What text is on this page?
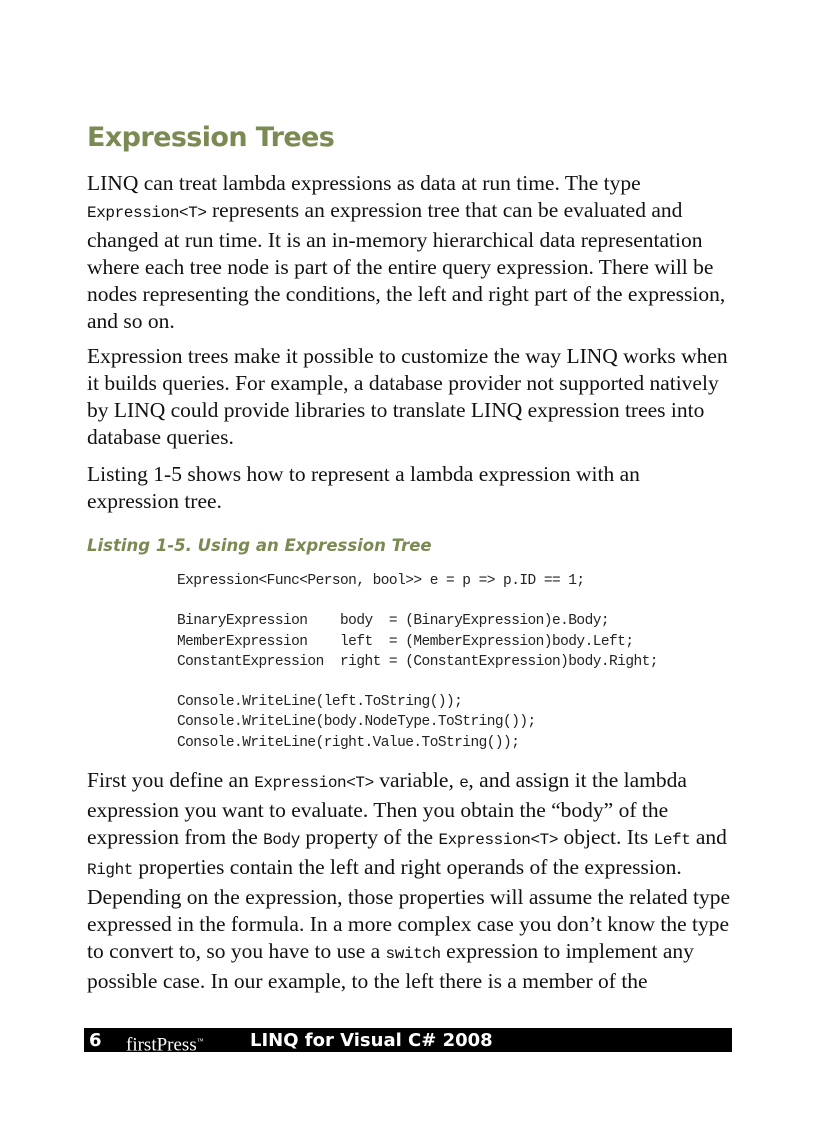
Expression Trees

LINQ can treat lambda expressions as data at run time. The type Expression<T> represents an expression tree that can be evaluated and changed at run time. It is an in-memory hierarchical data representation where each tree node is part of the entire query expression. There will be nodes representing the conditions, the left and right part of the expression, and so on.

Expression trees make it possible to customize the way LINQ works when it builds queries. For example, a database provider not supported natively by LINQ could provide libraries to translate LINQ expression trees into database queries.

Listing 1-5 shows how to represent a lambda expression with an expression tree.

Listing 1-5. Using an Expression Tree
Expression<Func<Person, bool>> e = p => p.ID == 1;

BinaryExpression    body  = (BinaryExpression)e.Body;
MemberExpression    left  = (MemberExpression)body.Left;
ConstantExpression  right = (ConstantExpression)body.Right;

Console.WriteLine(left.ToString());
Console.WriteLine(body.NodeType.ToString());
Console.WriteLine(right.Value.ToString());

First you define an Expression<T> variable, e, and assign it the lambda expression you want to evaluate. Then you obtain the “body” of the expression from the Body property of the Expression<T> object. Its Left and Right properties contain the left and right operands of the expression. Depending on the expression, those properties will assume the related type expressed in the formula. In a more complex case you don’t know the type to convert to, so you have to use a switch expression to implement any possible case. In our example, to the left there is a member of the

6 firstPress™	LINQ for Visual C# 2008
